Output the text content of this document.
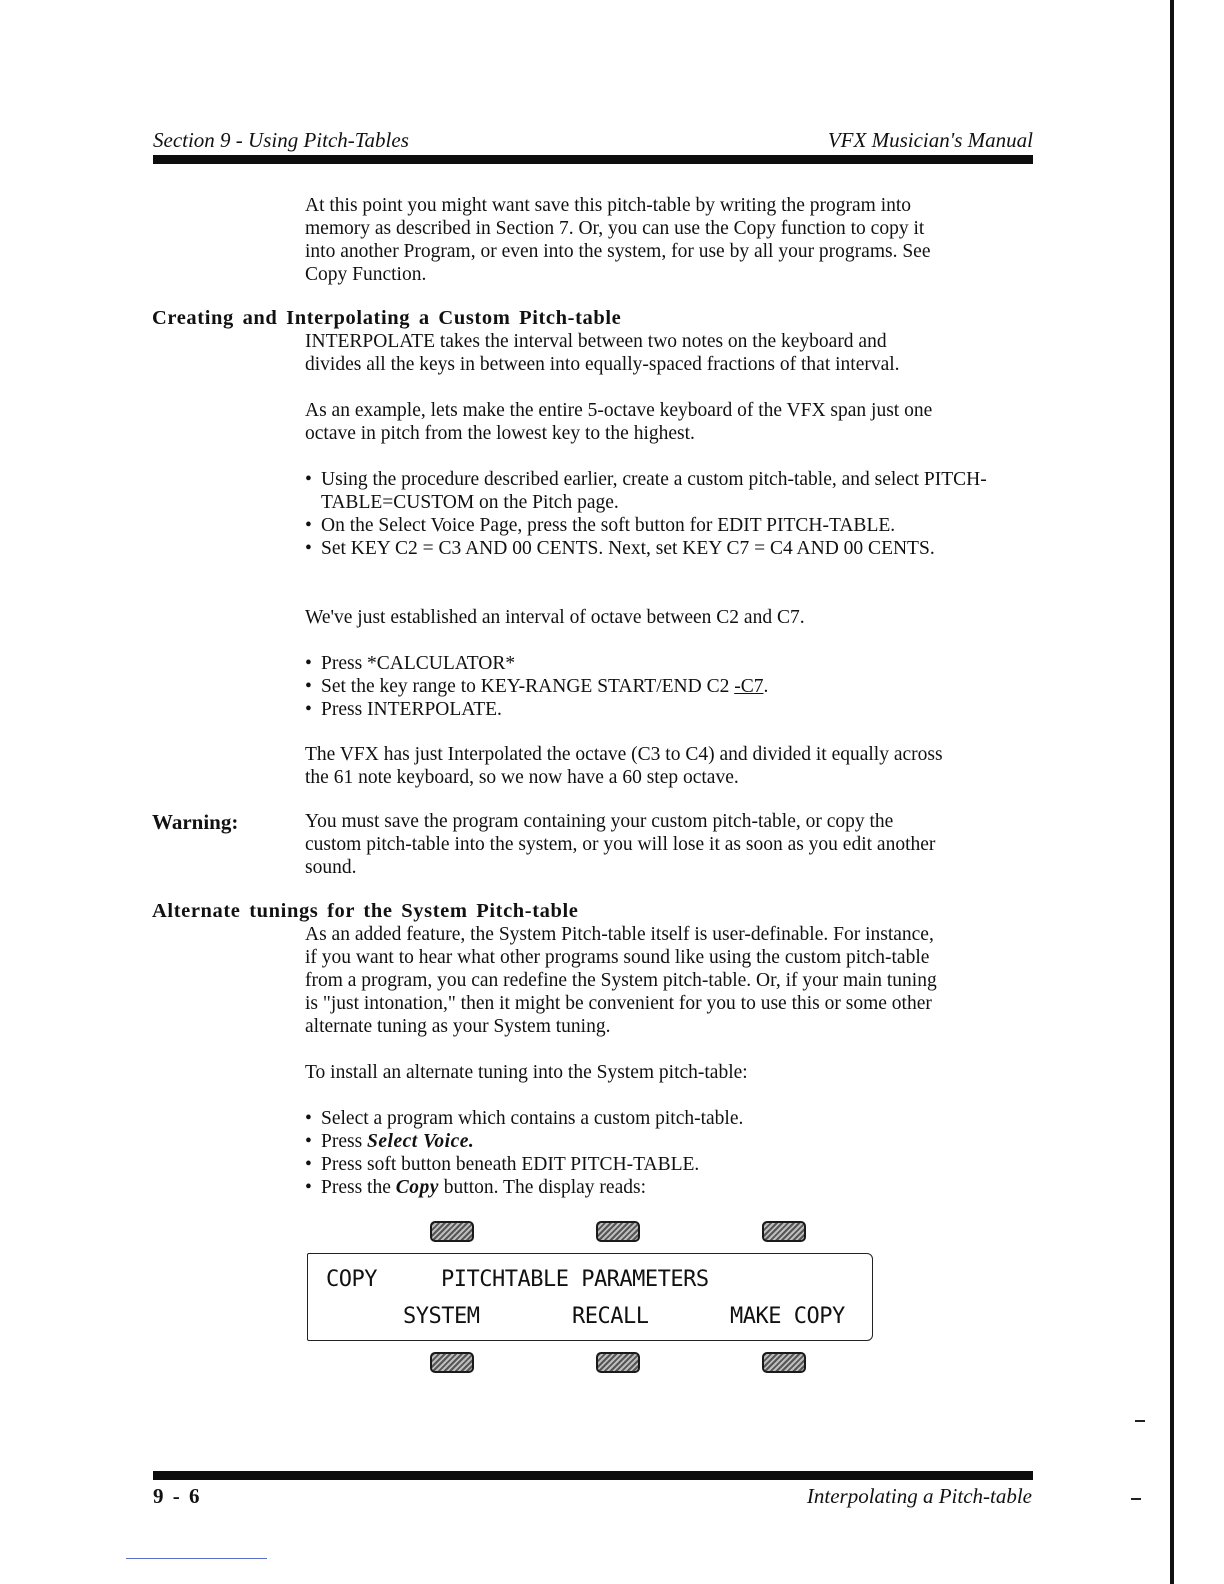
Section 9 - Using Pitch-Tables	VFX Musician's Manual
At this point you might want save this pitch-table by writing the program into
memory as described in Section 7. Or, you can use the Copy function to copy it
into another Program, or even into the system, for use by all your programs. See
Copy Function.
Creating and Interpolating a Custom Pitch-table
INTERPOLATE takes the interval between two notes on the keyboard and
divides all the keys in between into equally-spaced fractions of that interval.
As an example, lets make the entire 5-octave keyboard of the VFX span just one
octave in pitch from the lowest key to the highest.
• Using the procedure described earlier, create a custom pitch-table, and select PITCH-TABLE=CUSTOM on the Pitch page.
• On the Select Voice Page, press the soft button for EDIT PITCH-TABLE.
• Set KEY C2 = C3 AND 00 CENTS. Next, set KEY C7 = C4 AND 00 CENTS.
We've just established an interval of octave between C2 and C7.
• Press *CALCULATOR*
• Set the key range to KEY-RANGE START/END C2 -C7.
• Press INTERPOLATE.
The VFX has just Interpolated the octave (C3 to C4) and divided it equally across
the 61 note keyboard, so we now have a 60 step octave.
Warning:	You must save the program containing your custom pitch-table, or copy the
custom pitch-table into the system, or you will lose it as soon as you edit another
sound.
Alternate tunings for the System Pitch-table
As an added feature, the System Pitch-table itself is user-definable. For instance,
if you want to hear what other programs sound like using the custom pitch-table
from a program, you can redefine the System pitch-table. Or, if your main tuning
is "just intonation," then it might be convenient for you to use this or some other
alternate tuning as your System tuning.
To install an alternate tuning into the System pitch-table:
• Select a program which contains a custom pitch-table.
• Press Select Voice.
• Press soft button beneath EDIT PITCH-TABLE.
• Press the Copy button. The display reads:
COPY	PITCHTABLE PARAMETERS
SYSTEM	RECALL	MAKE COPY
9 - 6	Interpolating a Pitch-table
